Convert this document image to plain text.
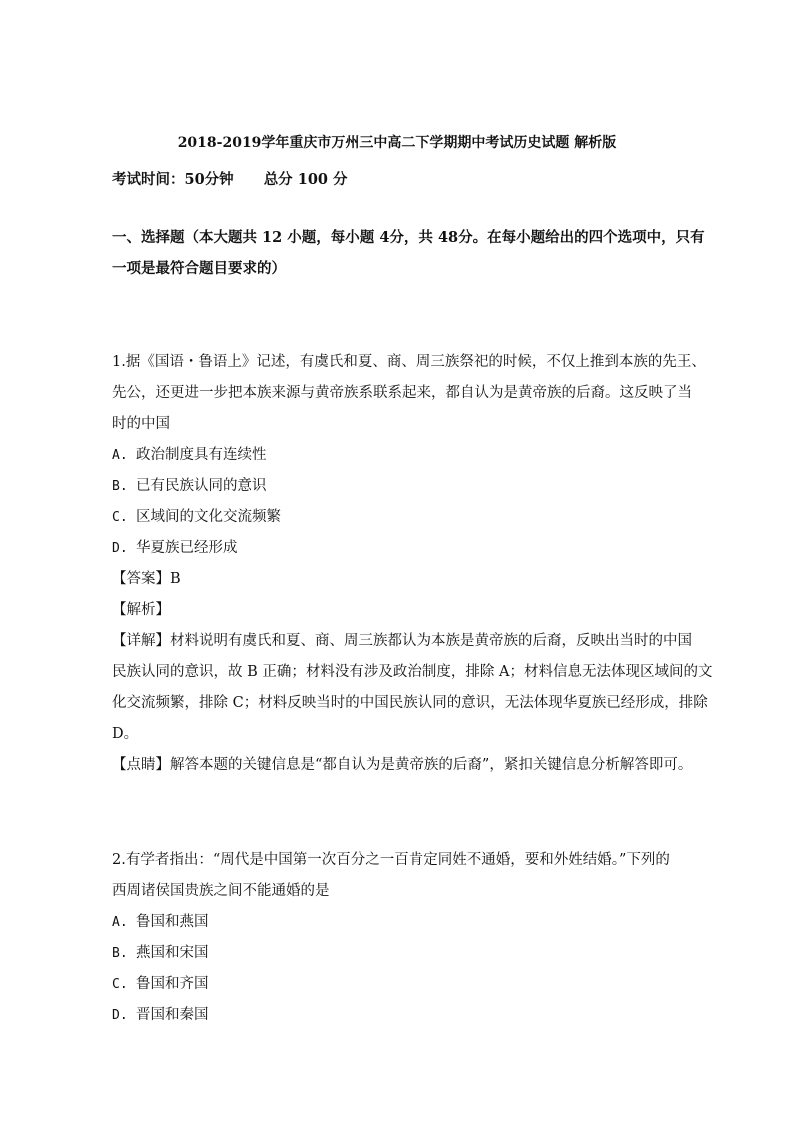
2018-2019学年重庆市万州三中高二下学期期中考试历史试题 解析版
考试时间：50分钟 总分 100 分
一、选择题（本大题共 12 小题，每小题 4分，共 48分。在每小题给出的四个选项中，只有
一项是最符合题目要求的）
1.据《国语・鲁语上》记述，有虞氏和夏、商、周三族祭祀的时候，不仅上推到本族的先王、
先公，还更进一步把本族来源与黄帝族系联系起来，都自认为是黄帝族的后裔。这反映了当
时的中国
A. 政治制度具有连续性
B. 已有民族认同的意识
C. 区域间的文化交流频繁
D. 华夏族已经形成
【答案】B
【解析】
【详解】材料说明有虞氏和夏、商、周三族都认为本族是黄帝族的后裔，反映出当时的中国
民族认同的意识，故 B 正确；材料没有涉及政治制度，排除 A；材料信息无法体现区域间的文
化交流频繁，排除 C；材料反映当时的中国民族认同的意识，无法体现华夏族已经形成，排除
D。
【点睛】解答本题的关键信息是“都自认为是黄帝族的后裔”，紧扣关键信息分析解答即可。
2.有学者指出：“周代是中国第一次百分之一百肯定同姓不通婚，要和外姓结婚。”下列的
西周诸侯国贵族之间不能通婚的是
A. 鲁国和燕国
B. 燕国和宋国
C. 鲁国和齐国
D. 晋国和秦国
